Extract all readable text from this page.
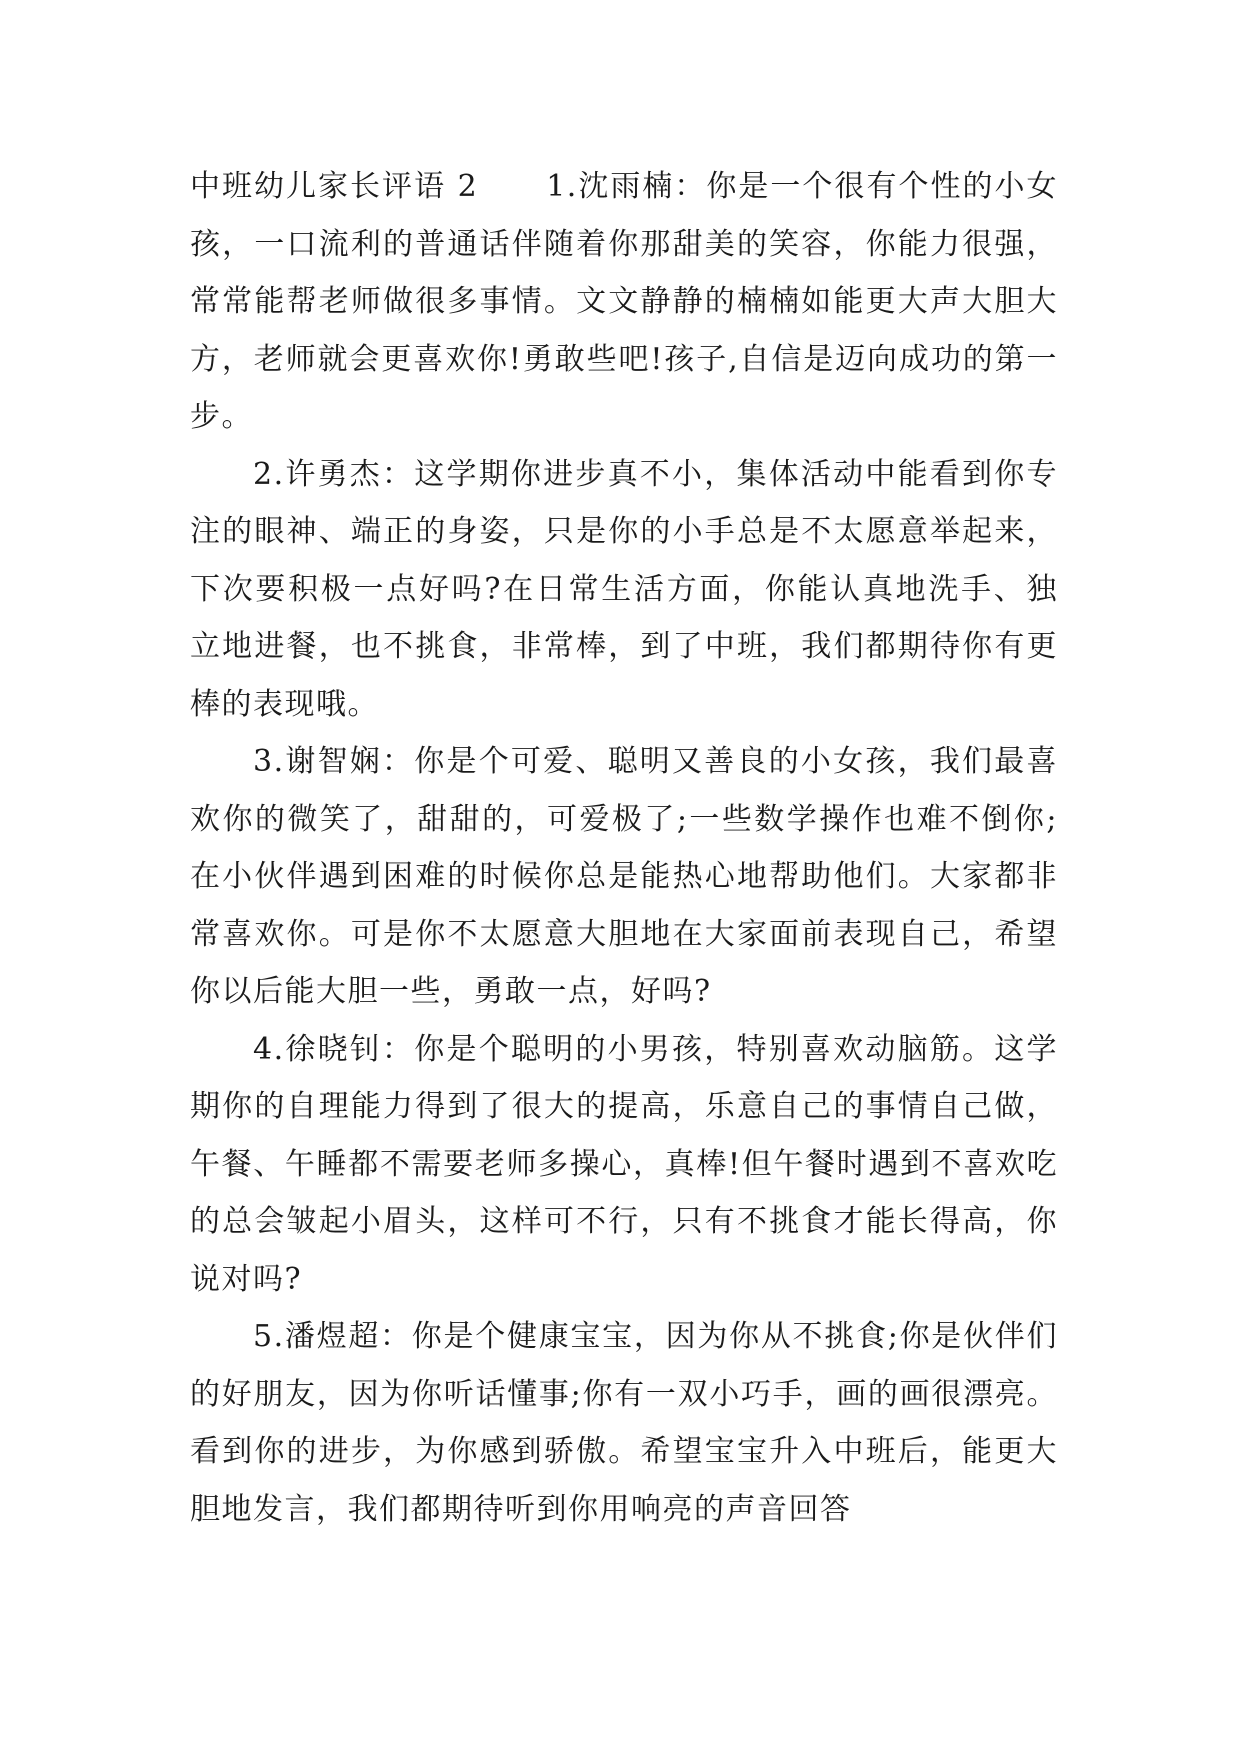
中班幼儿家长评语 2 1.沈雨楠：你是一个很有个性的小女孩，一口流利的普通话伴随着你那甜美的笑容，你能力很强，常常能帮老师做很多事情。文文静静的楠楠如能更大声大胆大方，老师就会更喜欢你!勇敢些吧!孩子,自信是迈向成功的第一步。

2.许勇杰：这学期你进步真不小，集体活动中能看到你专注的眼神、端正的身姿，只是你的小手总是不太愿意举起来，下次要积极一点好吗?在日常生活方面，你能认真地洗手、独立地进餐，也不挑食，非常棒，到了中班，我们都期待你有更棒的表现哦。

3.谢智娴：你是个可爱、聪明又善良的小女孩，我们最喜欢你的微笑了，甜甜的，可爱极了;一些数学操作也难不倒你;在小伙伴遇到困难的时候你总是能热心地帮助他们。大家都非常喜欢你。可是你不太愿意大胆地在大家面前表现自己，希望你以后能大胆一些，勇敢一点，好吗?

4.徐晓钊：你是个聪明的小男孩，特别喜欢动脑筋。这学期你的自理能力得到了很大的提高，乐意自己的事情自己做，午餐、午睡都不需要老师多操心，真棒!但午餐时遇到不喜欢吃的总会皱起小眉头，这样可不行，只有不挑食才能长得高，你说对吗?

5.潘煜超：你是个健康宝宝，因为你从不挑食;你是伙伴们的好朋友，因为你听话懂事;你有一双小巧手，画的画很漂亮。看到你的进步，为你感到骄傲。希望宝宝升入中班后，能更大胆地发言，我们都期待听到你用响亮的声音回答
